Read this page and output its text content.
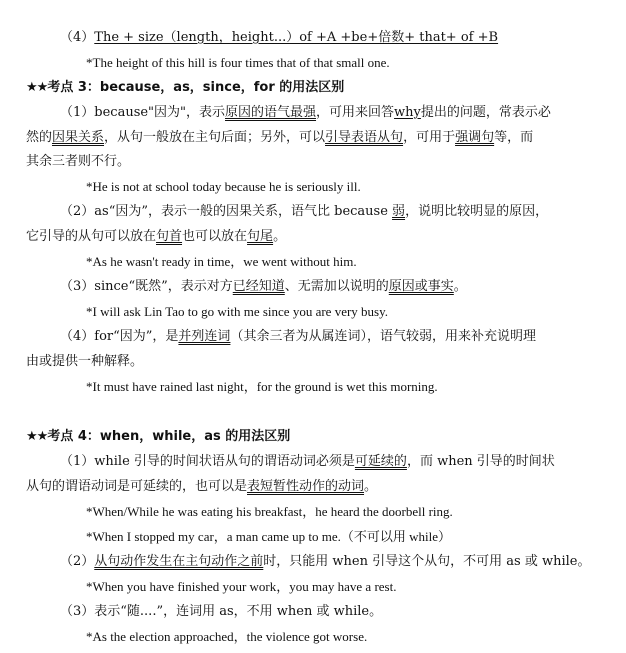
（4）The + size（length，height...）of +A +be+倍数+ that+ of +B
*The height of this hill is four times that of that small one.
★★考点 3：because，as，since，for 的用法区别
（1）because"因为"，表示原因的语气最强，可用来回答why提出的问题，常表示必
然的因果关系，从句一般放在主句后面；另外，可以引导表语从句，可用于强调句等，而
其余三者则不行。
*He is not at school today because he is seriously ill.
（2）as“因为”，表示一般的因果关系，语气比 because 弱，说明比较明显的原因，
它引导的从句可以放在句首也可以放在句尾。
*As he wasn't ready in time，we went without him.
（3）since“既然”，表示对方已经知道、无需加以说明的原因或事实。
*I will ask Lin Tao to go with me since you are very busy.
（4）for“因为”，是并列连词（其余三者为从属连词），语气较弱，用来补充说明理
由或提供一种解释。
*It must have rained last night，for the ground is wet this morning.
★★考点 4：when，while，as 的用法区别
（1）while 引导的时间状语从句的谓语动词必须是可延续的，而 when 引导的时间状
从句的谓语动词是可延续的，也可以是表短暂性动作的动词。
*When/While he was eating his breakfast，he heard the doorbell ring.
*When I stopped my car，a man came up to me.（不可以用 while）
（2）从句动作发生在主句动作之前时，只能用 when 引导这个从句，不可用 as 或 while。
*When you have finished your work，you may have a rest.
（3）表示“随....”，连词用 as，不用 when 或 while。
*As the election approached，the violence got worse.
